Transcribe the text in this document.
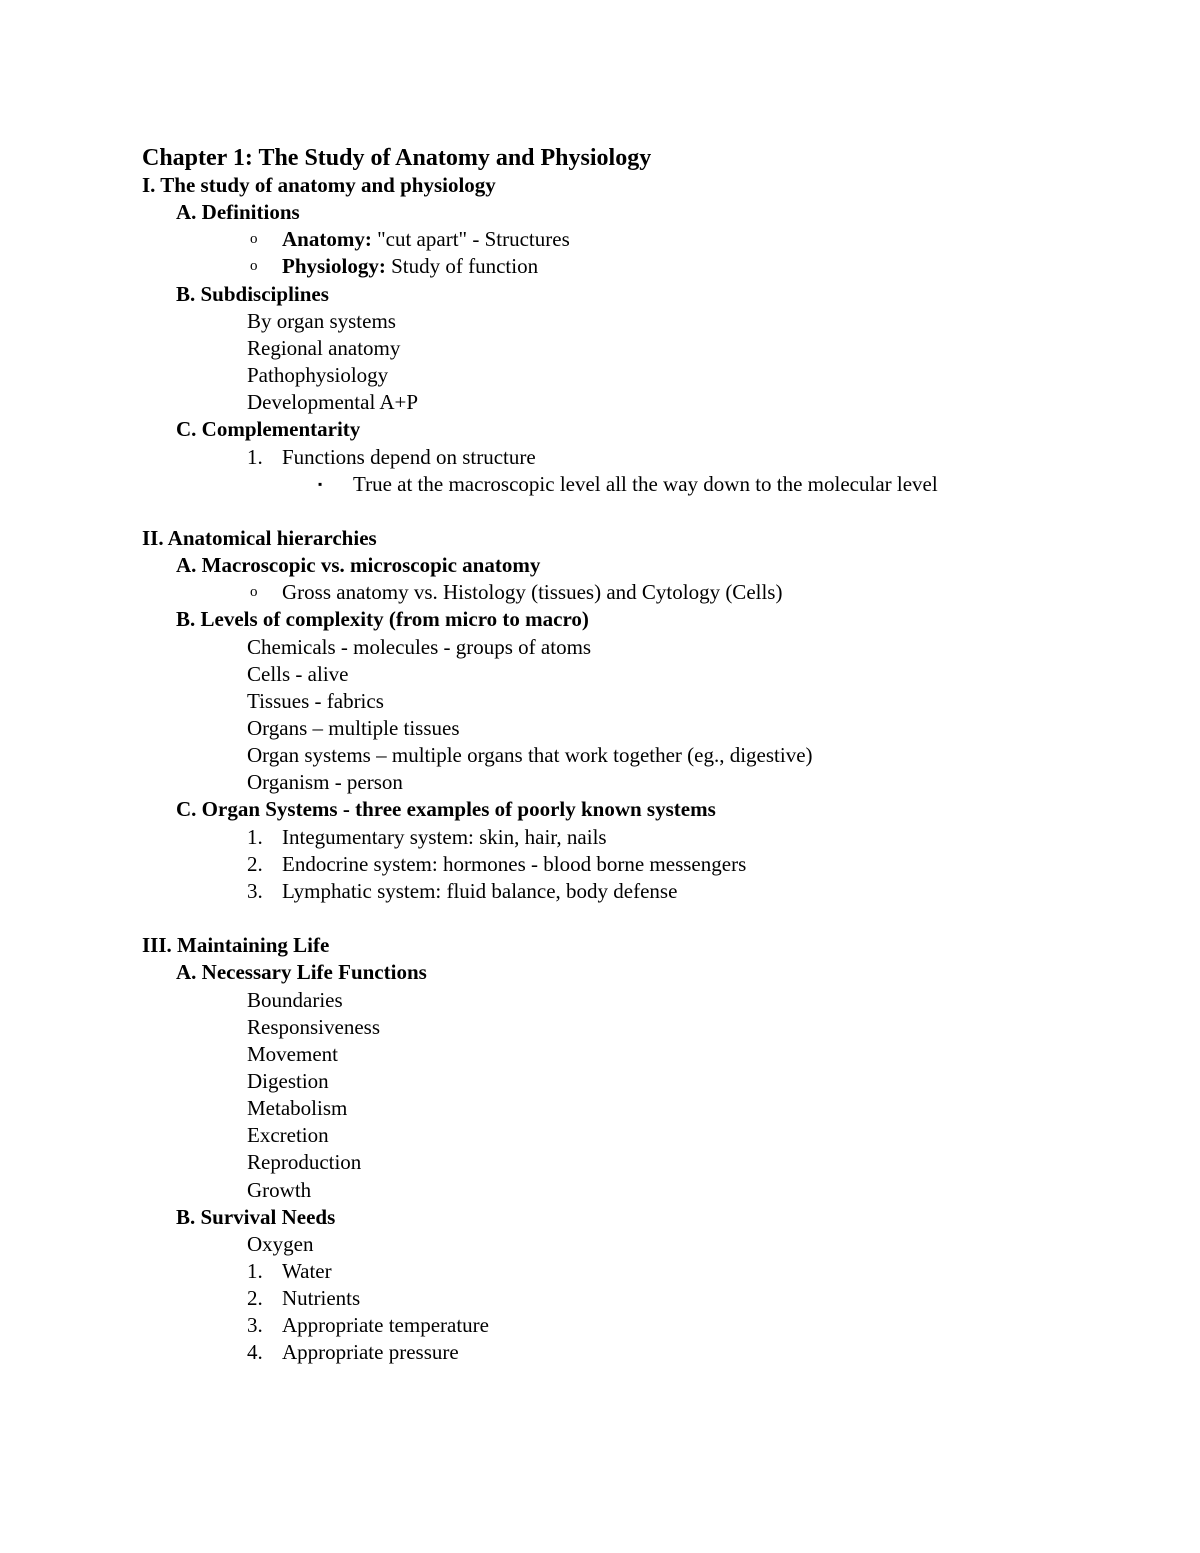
Chapter 1: The Study of Anatomy and Physiology
I. The study of anatomy and physiology
A. Definitions
o Anatomy: "cut apart" - Structures
o Physiology: Study of function
B. Subdisciplines
By organ systems
Regional anatomy
Pathophysiology
Developmental A+P
C. Complementarity
1. Functions depend on structure
▪ True at the macroscopic level all the way down to the molecular level
II. Anatomical hierarchies
A. Macroscopic vs. microscopic anatomy
o Gross anatomy vs. Histology (tissues) and Cytology (Cells)
B. Levels of complexity (from micro to macro)
Chemicals - molecules - groups of atoms
Cells - alive
Tissues - fabrics
Organs – multiple tissues
Organ systems – multiple organs that work together (eg., digestive)
Organism - person
C. Organ Systems - three examples of poorly known systems
1. Integumentary system: skin, hair, nails
2. Endocrine system: hormones - blood borne messengers
3. Lymphatic system: fluid balance, body defense
III. Maintaining Life
A. Necessary Life Functions
Boundaries
Responsiveness
Movement
Digestion
Metabolism
Excretion
Reproduction
Growth
B. Survival Needs
Oxygen
1. Water
2. Nutrients
3. Appropriate temperature
4. Appropriate pressure
